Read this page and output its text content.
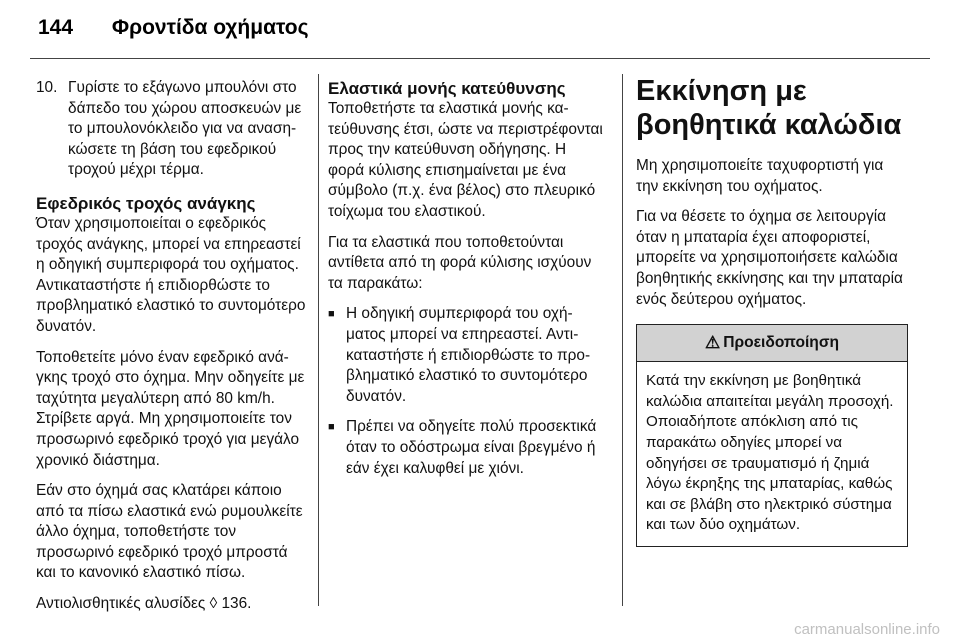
144 Φροντίδα οχήματος
10. Γυρίστε το εξάγωνο μπουλόνι στο δάπεδο του χώρου αποσκευών με το μπουλονόκλειδο για να ανασηκώσετε τη βάση του εφεδρικού τροχού μέχρι τέρμα.
Εφεδρικός τροχός ανάγκης

Όταν χρησιμοποιείται ο εφεδρικός τροχός ανάγκης, μπορεί να επηρεαστεί η οδηγική συμπεριφορά του οχήματος. Αντικαταστήστε ή επιδιορθώστε το προβληματικό ελαστικό το συντομότερο δυνατόν.

Τοποθετείτε μόνο έναν εφεδρικό ανάγκης τροχό στο όχημα. Μην οδηγείτε με ταχύτητα μεγαλύτερη από 80 km/h. Στρίβετε αργά. Μη χρησιμοποιείτε τον προσωρινό εφεδρικό τροχό για μεγάλο χρονικό διάστημα.

Εάν στο όχημά σας κλατάρει κάποιο από τα πίσω ελαστικά ενώ ρυμουλκείτε άλλο όχημα, τοποθετήστε τον προσωρινό εφεδρικό τροχό μπροστά και το κανονικό ελαστικό πίσω.

Αντιολισθητικές αλυσίδες ◊ 136.

Ελαστικά μονής κατεύθυνσης

Τοποθετήστε τα ελαστικά μονής κατεύθυνσης έτσι, ώστε να περιστρέφονται προς την κατεύθυνση οδήγησης. Η φορά κύλισης επισημαίνεται με ένα σύμβολο (π.χ. ένα βέλος) στο πλευρικό τοίχωμα του ελαστικού.

Για τα ελαστικά που τοποθετούνται αντίθετα από τη φορά κύλισης ισχύουν τα παρακάτω:

■ Η οδηγική συμπεριφορά του οχήματος μπορεί να επηρεαστεί. Αντικαταστήστε ή επιδιορθώστε το προβληματικό ελαστικό το συντομότερο δυνατόν.
■ Πρέπει να οδηγείτε πολύ προσεκτικά όταν το οδόστρωμα είναι βρεγμένο ή εάν έχει καλυφθεί με χιόνι.
Εκκίνηση με βοηθητικά καλώδια

Μη χρησιμοποιείτε ταχυφορτιστή για την εκκίνηση του οχήματος.

Για να θέσετε το όχημα σε λειτουργία όταν η μπαταρία έχει αποφοριστεί, μπορείτε να χρησιμοποιήσετε καλώδια βοηθητικής εκκίνησης και την μπαταρία ενός δεύτερου οχήματος.

⚠ Προειδοποίηση
Κατά την εκκίνηση με βοηθητικά καλώδια απαιτείται μεγάλη προσοχή. Οποιαδήποτε απόκλιση από τις παρακάτω οδηγίες μπορεί να οδηγήσει σε τραυματισμό ή ζημιά λόγω έκρηξης της μπαταρίας, καθώς και σε βλάβη στο ηλεκτρικό σύστημα και των δύο οχημάτων.
carmanualsonline.info
